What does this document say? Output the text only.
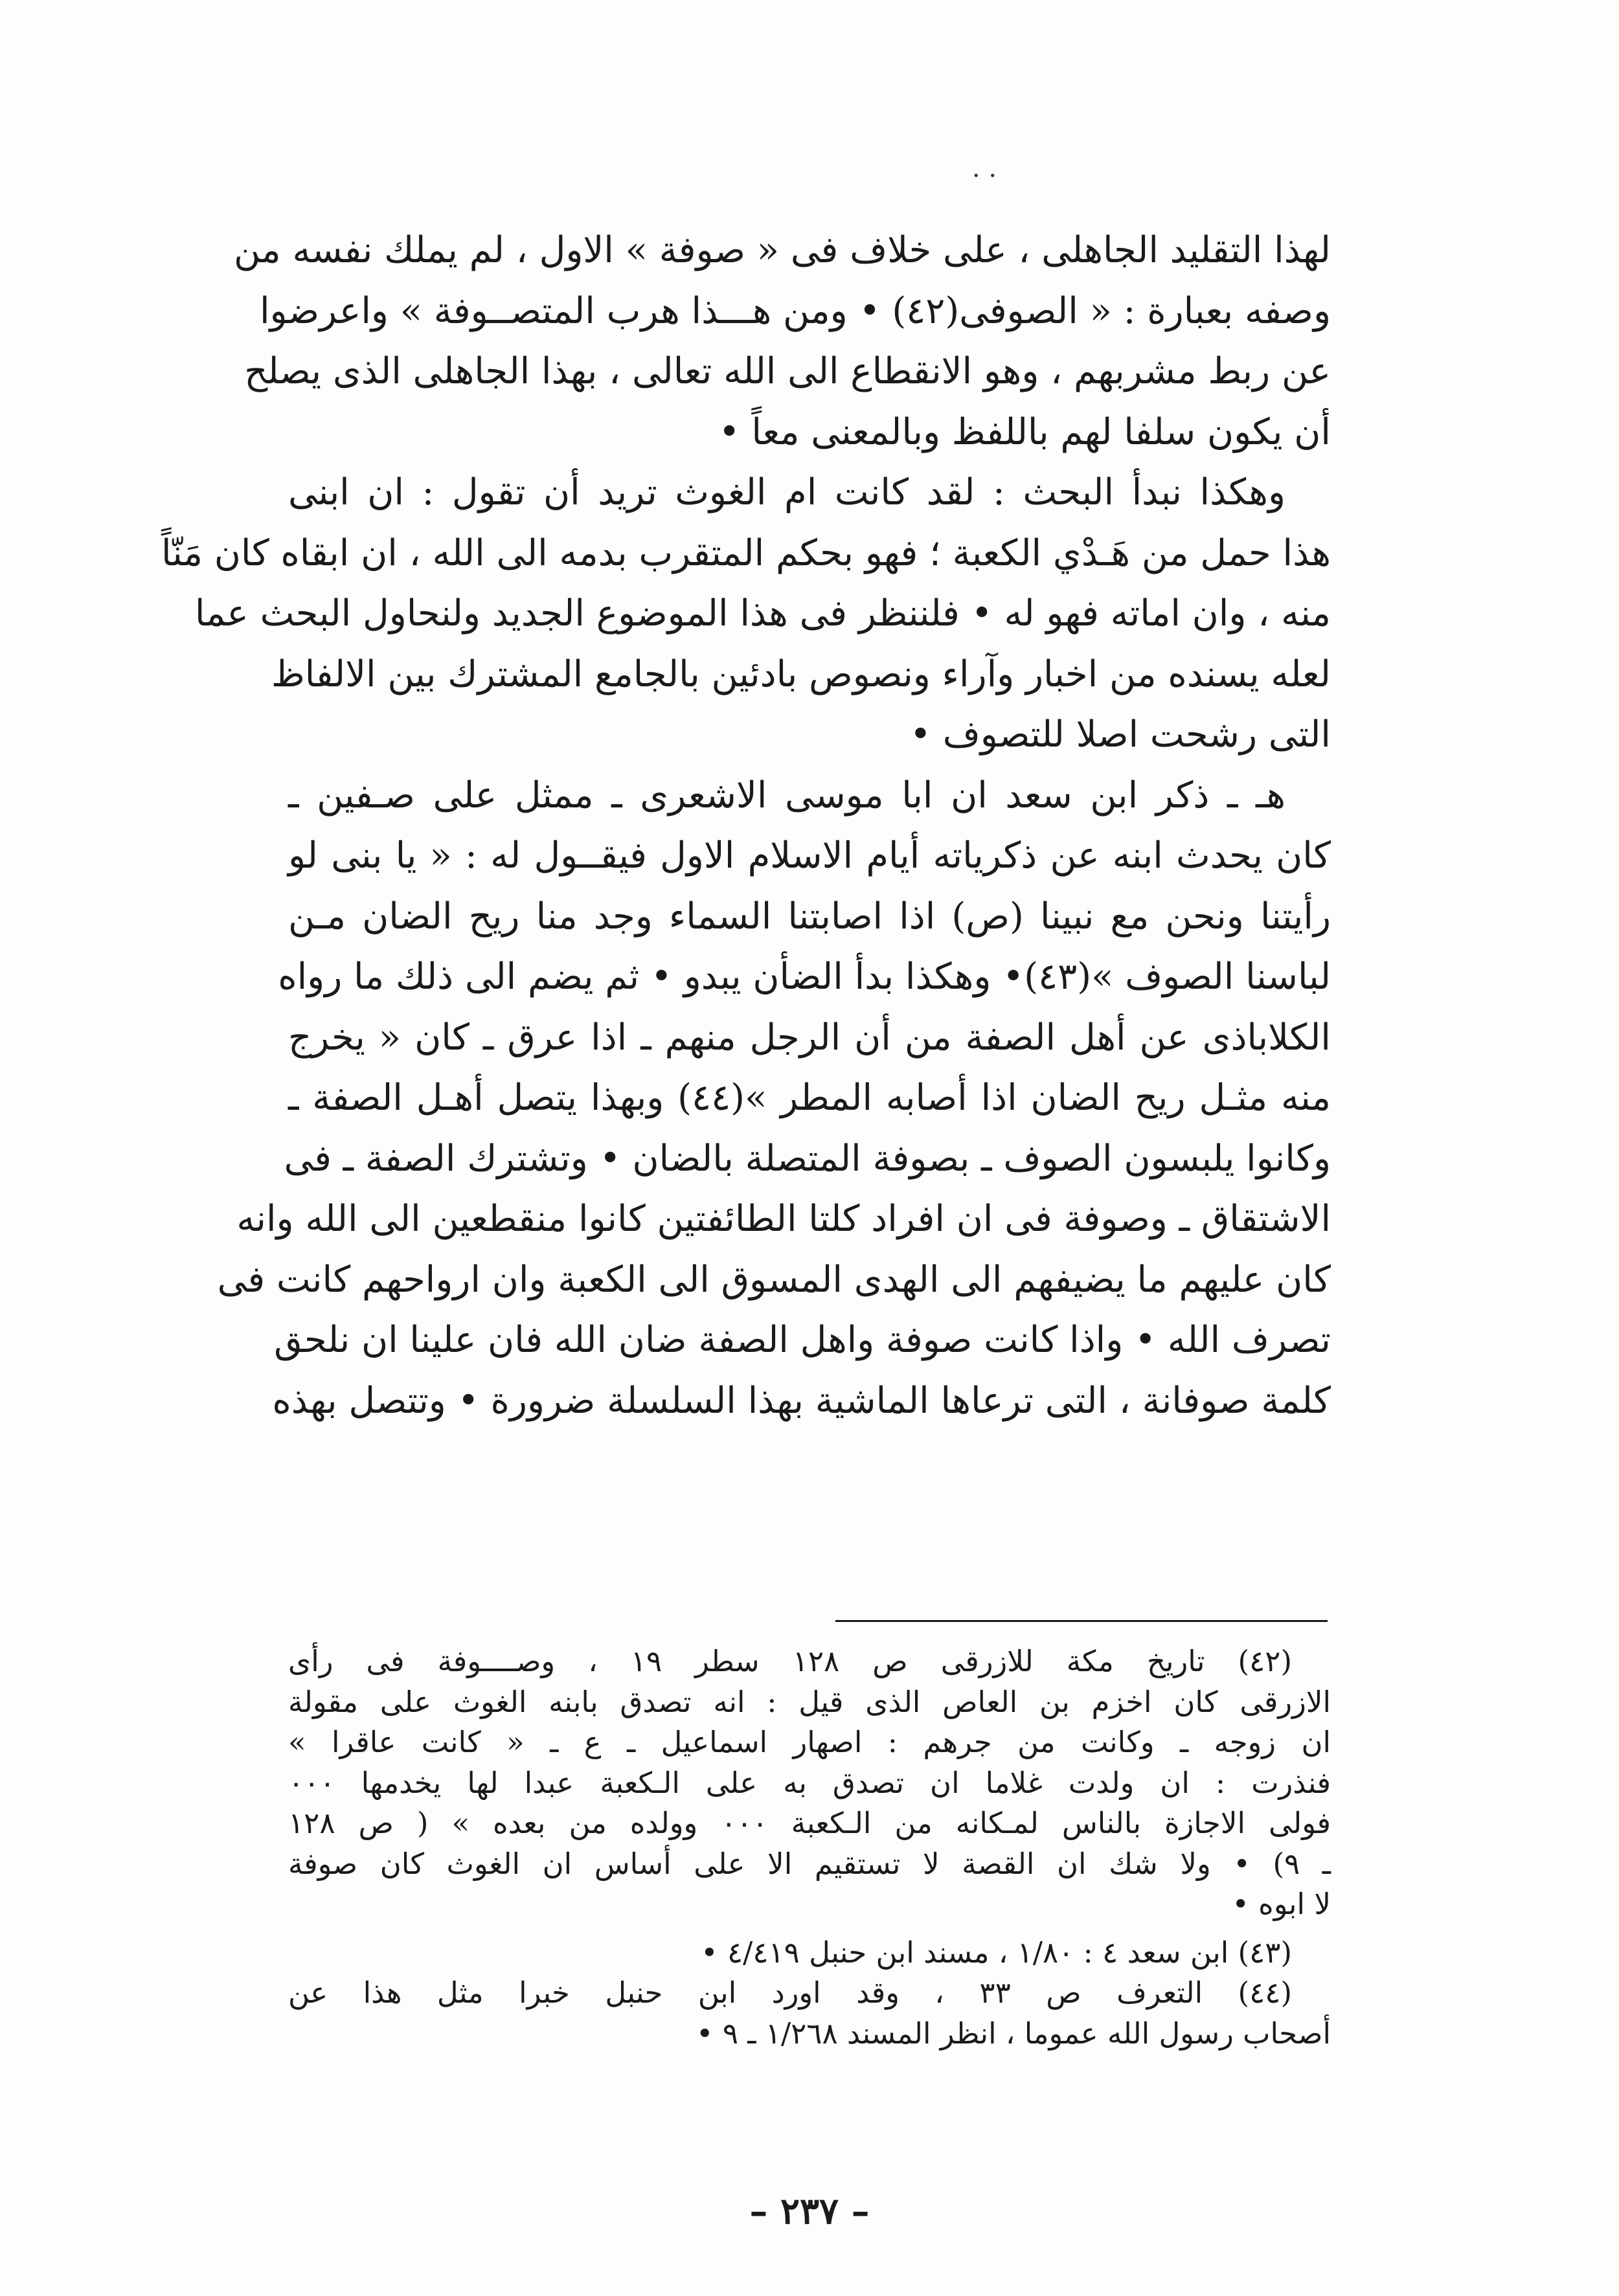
. .
لهذا التقليد الجاهلى ، على خلاف فى « صوفة » الاول ، لم يملك نفسه من
وصفه بعبارة : « الصوفى(٤٢) • ومن هـــذا هرب المتصــوفة » واعرضوا
عن ربط مشربهم ، وهو الانقطاع الى الله تعالى ، بهذا الجاهلى الذى يصلح
أن يكون سلفا لهم باللفظ وبالمعنى معاً •
وهكذا نبدأ البحث : لقد كانت ام الغوث تريد أن تقول : ان ابنى
هذا حمل من هَـدْي الكعبة ؛ فهو بحكم المتقرب بدمه الى الله ، ان ابقاه كان مَنّاً
منه ، وان اماته فهو له • فلننظر فى هذا الموضوع الجديد ولنحاول البحث عما
لعله يسنده من اخبار وآراء ونصوص بادئين بالجامع المشترك بين الالفاظ
التى رشحت اصلا للتصوف •
هـ ـ ذكر ابن سعد ان ابا موسى الاشعرى ـ ممثل على صـفين ـ
كان يحدث ابنه عن ذكرياته أيام الاسلام الاول فيقــول له : « يا بنى لو
رأيتنا ونحن مع نبينا (ص) اذا اصابتنا السماء وجد منا ريح الضان مـن
لباسنا الصوف »(٤٣)• وهكذا بدأ الضأن يبدو • ثم يضم الى ذلك ما رواه
الكلاباذى عن أهل الصفة من أن الرجل منهم ـ اذا عرق ـ كان « يخرج
منه مثـل ريح الضان اذا أصابه المطر »(٤٤) وبهذا يتصل أهـل الصفة ـ
وكانوا يلبسون الصوف ـ بصوفة المتصلة بالضان • وتشترك الصفة ـ فى
الاشتقاق ـ وصوفة فى ان افراد كلتا الطائفتين كانوا منقطعين الى الله وانه
كان عليهم ما يضيفهم الى الهدى المسوق الى الكعبة وان ارواحهم كانت فى
تصرف الله • واذا كانت صوفة واهل الصفة ضان الله فان علينا ان نلحق
كلمة صوفانة ، التى ترعاها الماشية بهذا السلسلة ضرورة • وتتصل بهذه
(٤٢) تاريخ مكة للازرقى ص ١٢٨ سطر ١٩ ، وصــــوفة فى رأى
الازرقى كان اخزم بن العاص الذى قيل : انه تصدق بابنه الغوث على مقولة
ان زوجه ـ وكانت من جرهم : اصهار اسماعيل ـ ع ـ « كانت عاقرا »
فنذرت : ان ولدت غلاما ان تصدق به على الـكعبة عبدا لها يخدمها ٠٠٠
فولى الاجازة بالناس لمـكانه من الـكعبة ٠٠٠ وولده من بعده » ( ص ١٢٨
ـ ٩) • ولا شك ان القصة لا تستقيم الا على أساس ان الغوث كان صوفة
لا ابوه •
(٤٣) ابن سعد ٤ : ١/٨٠ ، مسند ابن حنبل ٤/٤١٩ •
(٤٤) التعرف ص ٣٣ ، وقد اورد ابن حنبل خبرا مثل هذا عن
أصحاب رسول الله عموما ، انظر المسند ١/٢٦٨ ـ ٩ •
– ٢٣٧ –
